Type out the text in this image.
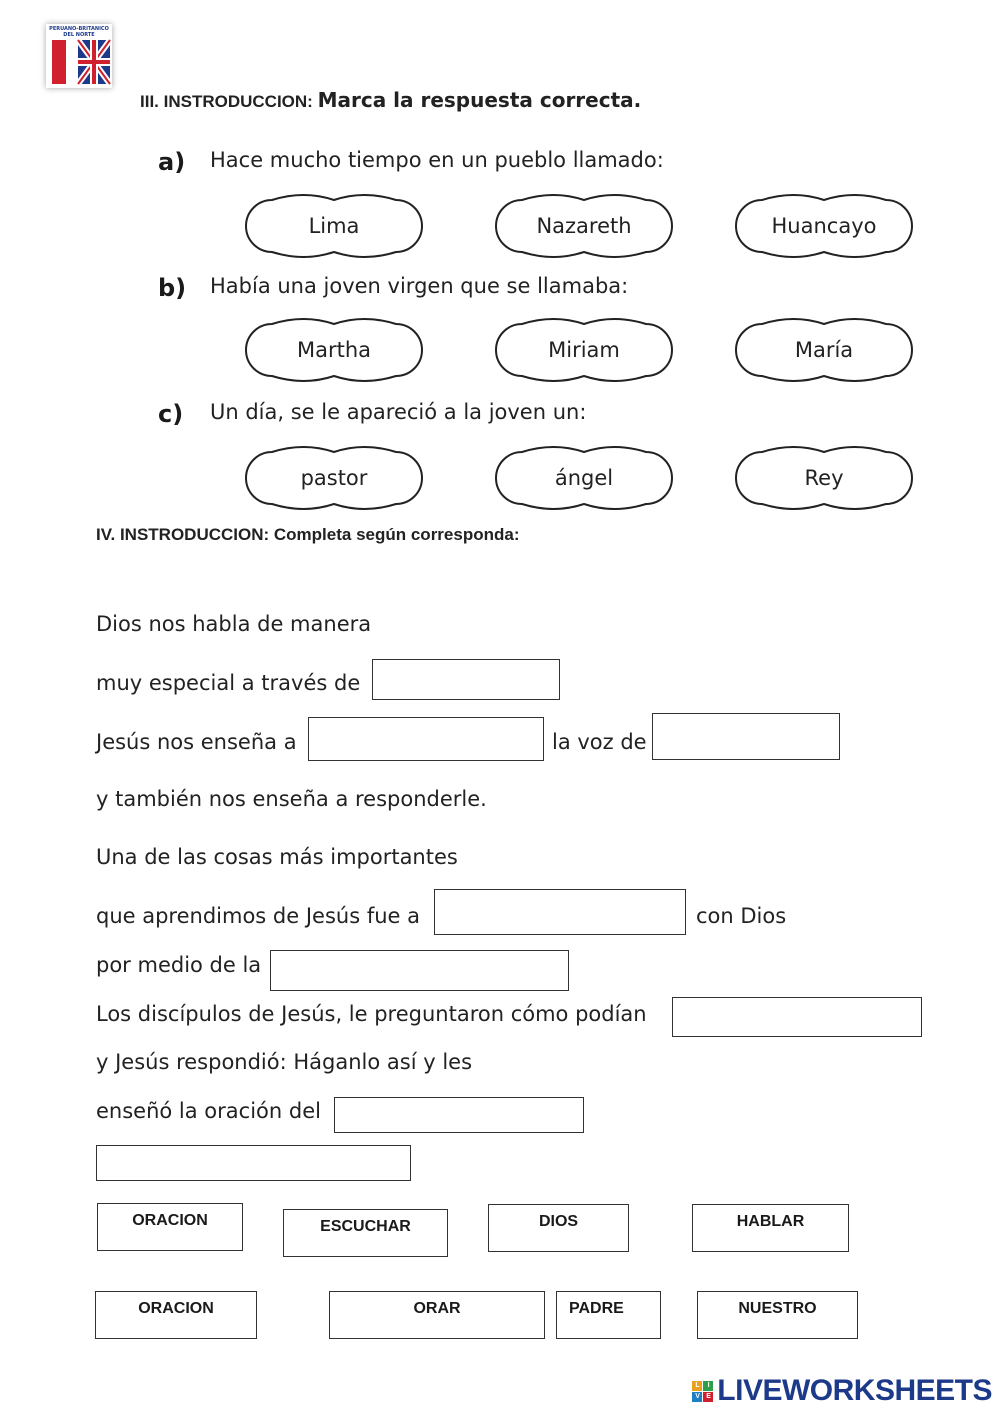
PERUANO-BRITANICO DEL NORTE
III. INSTRODUCCION: Marca la respuesta correcta.
a) Hace mucho tiempo en un pueblo llamado:
Lima	Nazareth	Huancayo
b) Había una joven virgen que se llamaba:
Martha	Miriam	María
c) Un día, se le apareció a la joven un:
pastor	ángel	Rey
IV. INSTRODUCCION: Completa según corresponda:
Dios nos habla de manera
muy especial a través de
Jesús nos enseña a	la voz de
y también nos enseña a responderle.
Una de las cosas más importantes
que aprendimos de Jesús fue a	con Dios
por medio de la
Los discípulos de Jesús, le preguntaron cómo podían
y Jesús respondió: Háganlo así y les
enseñó la oración del
ORACION	ESCUCHAR	DIOS	HABLAR
ORACION	ORAR	PADRE	NUESTRO
L	I
V E LIVEWORKSHEETS
